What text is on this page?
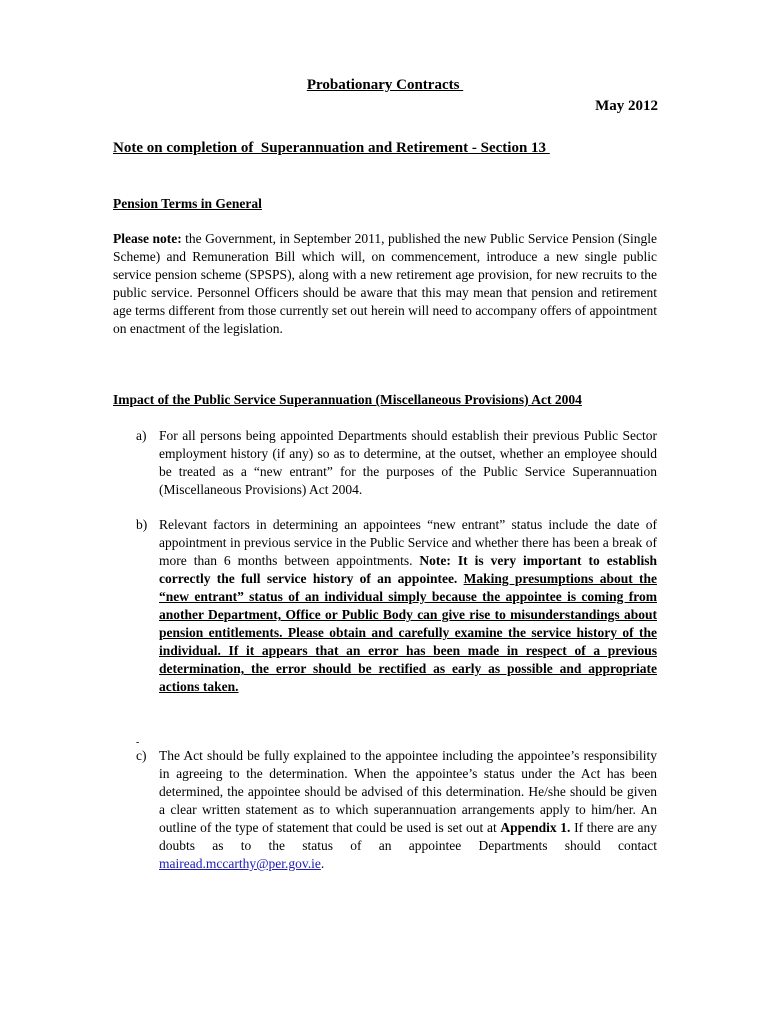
Probationary Contracts
May 2012
Note on completion of  Superannuation and Retirement - Section 13
Pension Terms in General
Please note: the Government, in September 2011, published the new Public Service Pension (Single Scheme) and Remuneration Bill which will, on commencement, introduce a new single public service pension scheme (SPSPS), along with a new retirement age provision, for new recruits to the public service. Personnel Officers should be aware that this may mean that pension and retirement age terms different from those currently set out herein will need to accompany offers of appointment on enactment of the legislation.
Impact of the Public Service Superannuation (Miscellaneous Provisions) Act 2004
a) For all persons being appointed Departments should establish their previous Public Sector employment history (if any) so as to determine, at the outset, whether an employee should be treated as a “new entrant” for the purposes of the Public Service Superannuation (Miscellaneous Provisions) Act 2004.
b) Relevant factors in determining an appointees “new entrant” status include the date of appointment in previous service in the Public Service and whether there has been a break of more than 6 months between appointments. Note: It is very important to establish correctly the full service history of an appointee. Making presumptions about the “new entrant” status of an individual simply because the appointee is coming from another Department, Office or Public Body can give rise to misunderstandings about pension entitlements. Please obtain and carefully examine the service history of the individual. If it appears that an error has been made in respect of a previous determination, the error should be rectified as early as possible and appropriate actions taken.
-
c) The Act should be fully explained to the appointee including the appointee’s responsibility in agreeing to the determination. When the appointee’s status under the Act has been determined, the appointee should be advised of this determination. He/she should be given a clear written statement as to which superannuation arrangements apply to him/her. An outline of the type of statement that could be used is set out at Appendix 1. If there are any doubts as to the status of an appointee Departments should contact mairead.mccarthy@per.gov.ie.
